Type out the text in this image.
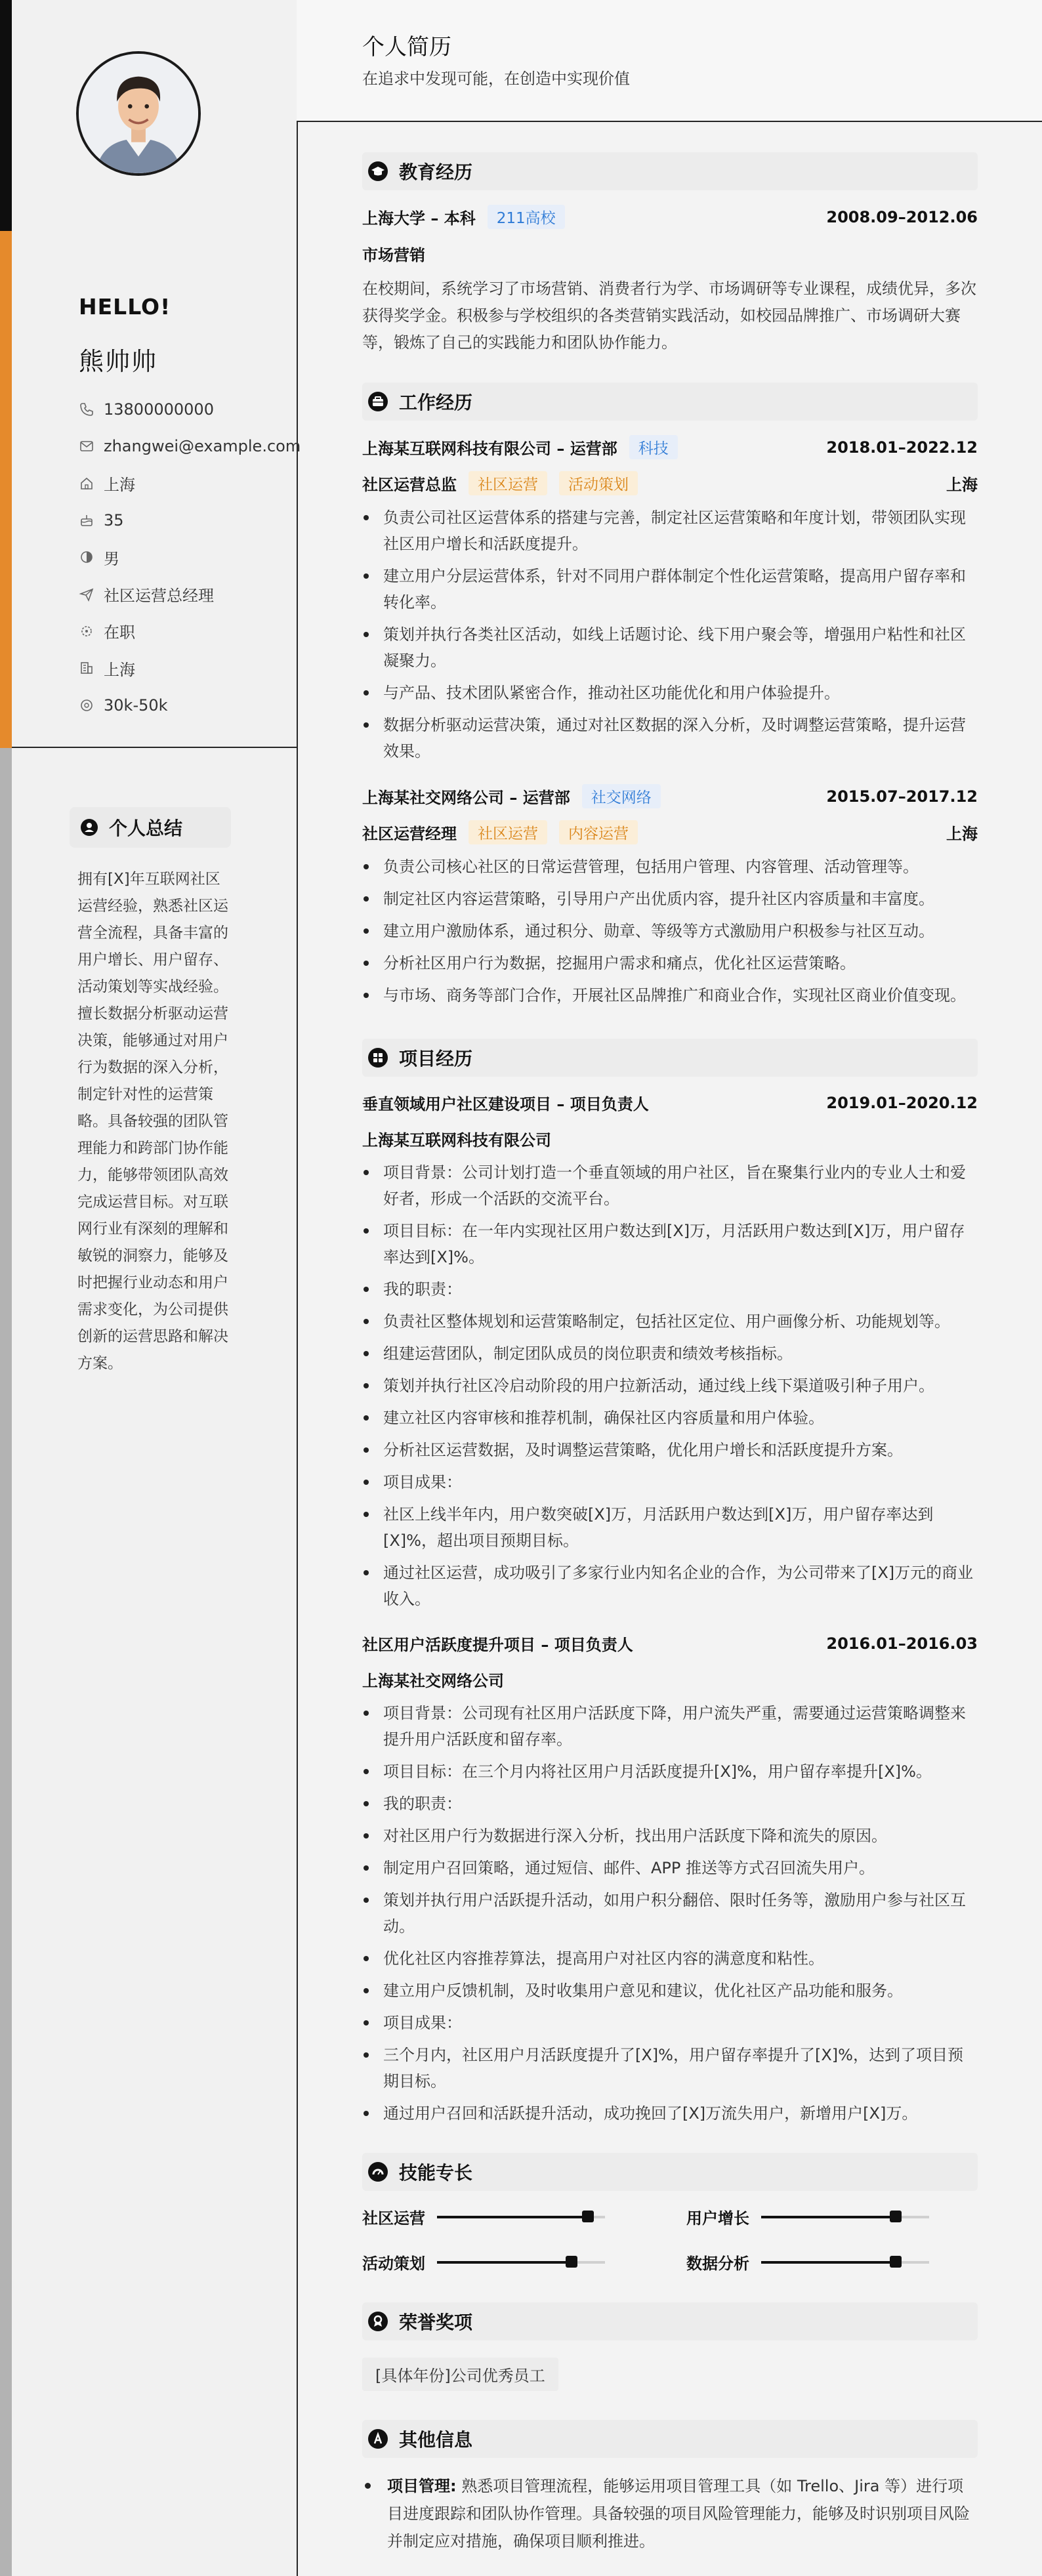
HELLO!
熊帅帅
13800000000
zhangwei@example.com
上海
35
男
社区运营总经理
在职
上海
30k-50k
个人总结
拥有[X]年互联网社区运营经验，熟悉社区运营全流程，具备丰富的用户增长、用户留存、活动策划等实战经验。擅长数据分析驱动运营决策，能够通过对用户行为数据的深入分析，制定针对性的运营策略。具备较强的团队管理能力和跨部门协作能力，能够带领团队高效完成运营目标。对互联网行业有深刻的理解和敏锐的洞察力，能够及时把握行业动态和用户需求变化，为公司提供创新的运营思路和解决方案。
个人简历
在追求中发现可能，在创造中实现价值
教育经历
上海大学 – 本科	211高校	2008.09–2012.06
市场营销
在校期间，系统学习了市场营销、消费者行为学、市场调研等专业课程，成绩优异，多次获得奖学金。积极参与学校组织的各类营销实践活动，如校园品牌推广、市场调研大赛等，锻炼了自己的实践能力和团队协作能力。
工作经历
上海某互联网科技有限公司 – 运营部	科技	2018.01–2022.12
社区运营总监	社区运营	活动策划	上海
负责公司社区运营体系的搭建与完善，制定社区运营策略和年度计划，带领团队实现社区用户增长和活跃度提升。
建立用户分层运营体系，针对不同用户群体制定个性化运营策略，提高用户留存率和转化率。
策划并执行各类社区活动，如线上话题讨论、线下用户聚会等，增强用户粘性和社区凝聚力。
与产品、技术团队紧密合作，推动社区功能优化和用户体验提升。
数据分析驱动运营决策，通过对社区数据的深入分析，及时调整运营策略，提升运营效果。
上海某社交网络公司 – 运营部	社交网络	2015.07–2017.12
社区运营经理	社区运营	内容运营	上海
负责公司核心社区的日常运营管理，包括用户管理、内容管理、活动管理等。
制定社区内容运营策略，引导用户产出优质内容，提升社区内容质量和丰富度。
建立用户激励体系，通过积分、勋章、等级等方式激励用户积极参与社区互动。
分析社区用户行为数据，挖掘用户需求和痛点，优化社区运营策略。
与市场、商务等部门合作，开展社区品牌推广和商业合作，实现社区商业价值变现。
项目经历
垂直领域用户社区建设项目 – 项目负责人	2019.01–2020.12
上海某互联网科技有限公司
项目背景：公司计划打造一个垂直领域的用户社区，旨在聚集行业内的专业人士和爱好者，形成一个活跃的交流平台。
项目目标：在一年内实现社区用户数达到[X]万，月活跃用户数达到[X]万，用户留存率达到[X]%。
我的职责：
负责社区整体规划和运营策略制定，包括社区定位、用户画像分析、功能规划等。
组建运营团队，制定团队成员的岗位职责和绩效考核指标。
策划并执行社区冷启动阶段的用户拉新活动，通过线上线下渠道吸引种子用户。
建立社区内容审核和推荐机制，确保社区内容质量和用户体验。
分析社区运营数据，及时调整运营策略，优化用户增长和活跃度提升方案。
项目成果：
社区上线半年内，用户数突破[X]万，月活跃用户数达到[X]万，用户留存率达到[X]%，超出项目预期目标。
通过社区运营，成功吸引了多家行业内知名企业的合作，为公司带来了[X]万元的商业收入。
社区用户活跃度提升项目 – 项目负责人	2016.01–2016.03
上海某社交网络公司
项目背景：公司现有社区用户活跃度下降，用户流失严重，需要通过运营策略调整来提升用户活跃度和留存率。
项目目标：在三个月内将社区用户月活跃度提升[X]%，用户留存率提升[X]%。
我的职责：
对社区用户行为数据进行深入分析，找出用户活跃度下降和流失的原因。
制定用户召回策略，通过短信、邮件、APP 推送等方式召回流失用户。
策划并执行用户活跃提升活动，如用户积分翻倍、限时任务等，激励用户参与社区互动。
优化社区内容推荐算法，提高用户对社区内容的满意度和粘性。
建立用户反馈机制，及时收集用户意见和建议，优化社区产品功能和服务。
项目成果：
三个月内，社区用户月活跃度提升了[X]%，用户留存率提升了[X]%，达到了项目预期目标。
通过用户召回和活跃提升活动，成功挽回了[X]万流失用户，新增用户[X]万。
技能专长
社区运营	用户增长
活动策划	数据分析
荣誉奖项
[具体年份]公司优秀员工
其他信息
项目管理: 熟悉项目管理流程，能够运用项目管理工具（如 Trello、Jira 等）进行项目进度跟踪和团队协作管理。具备较强的项目风险管理能力，能够及时识别项目风险并制定应对措施，确保项目顺利推进。
